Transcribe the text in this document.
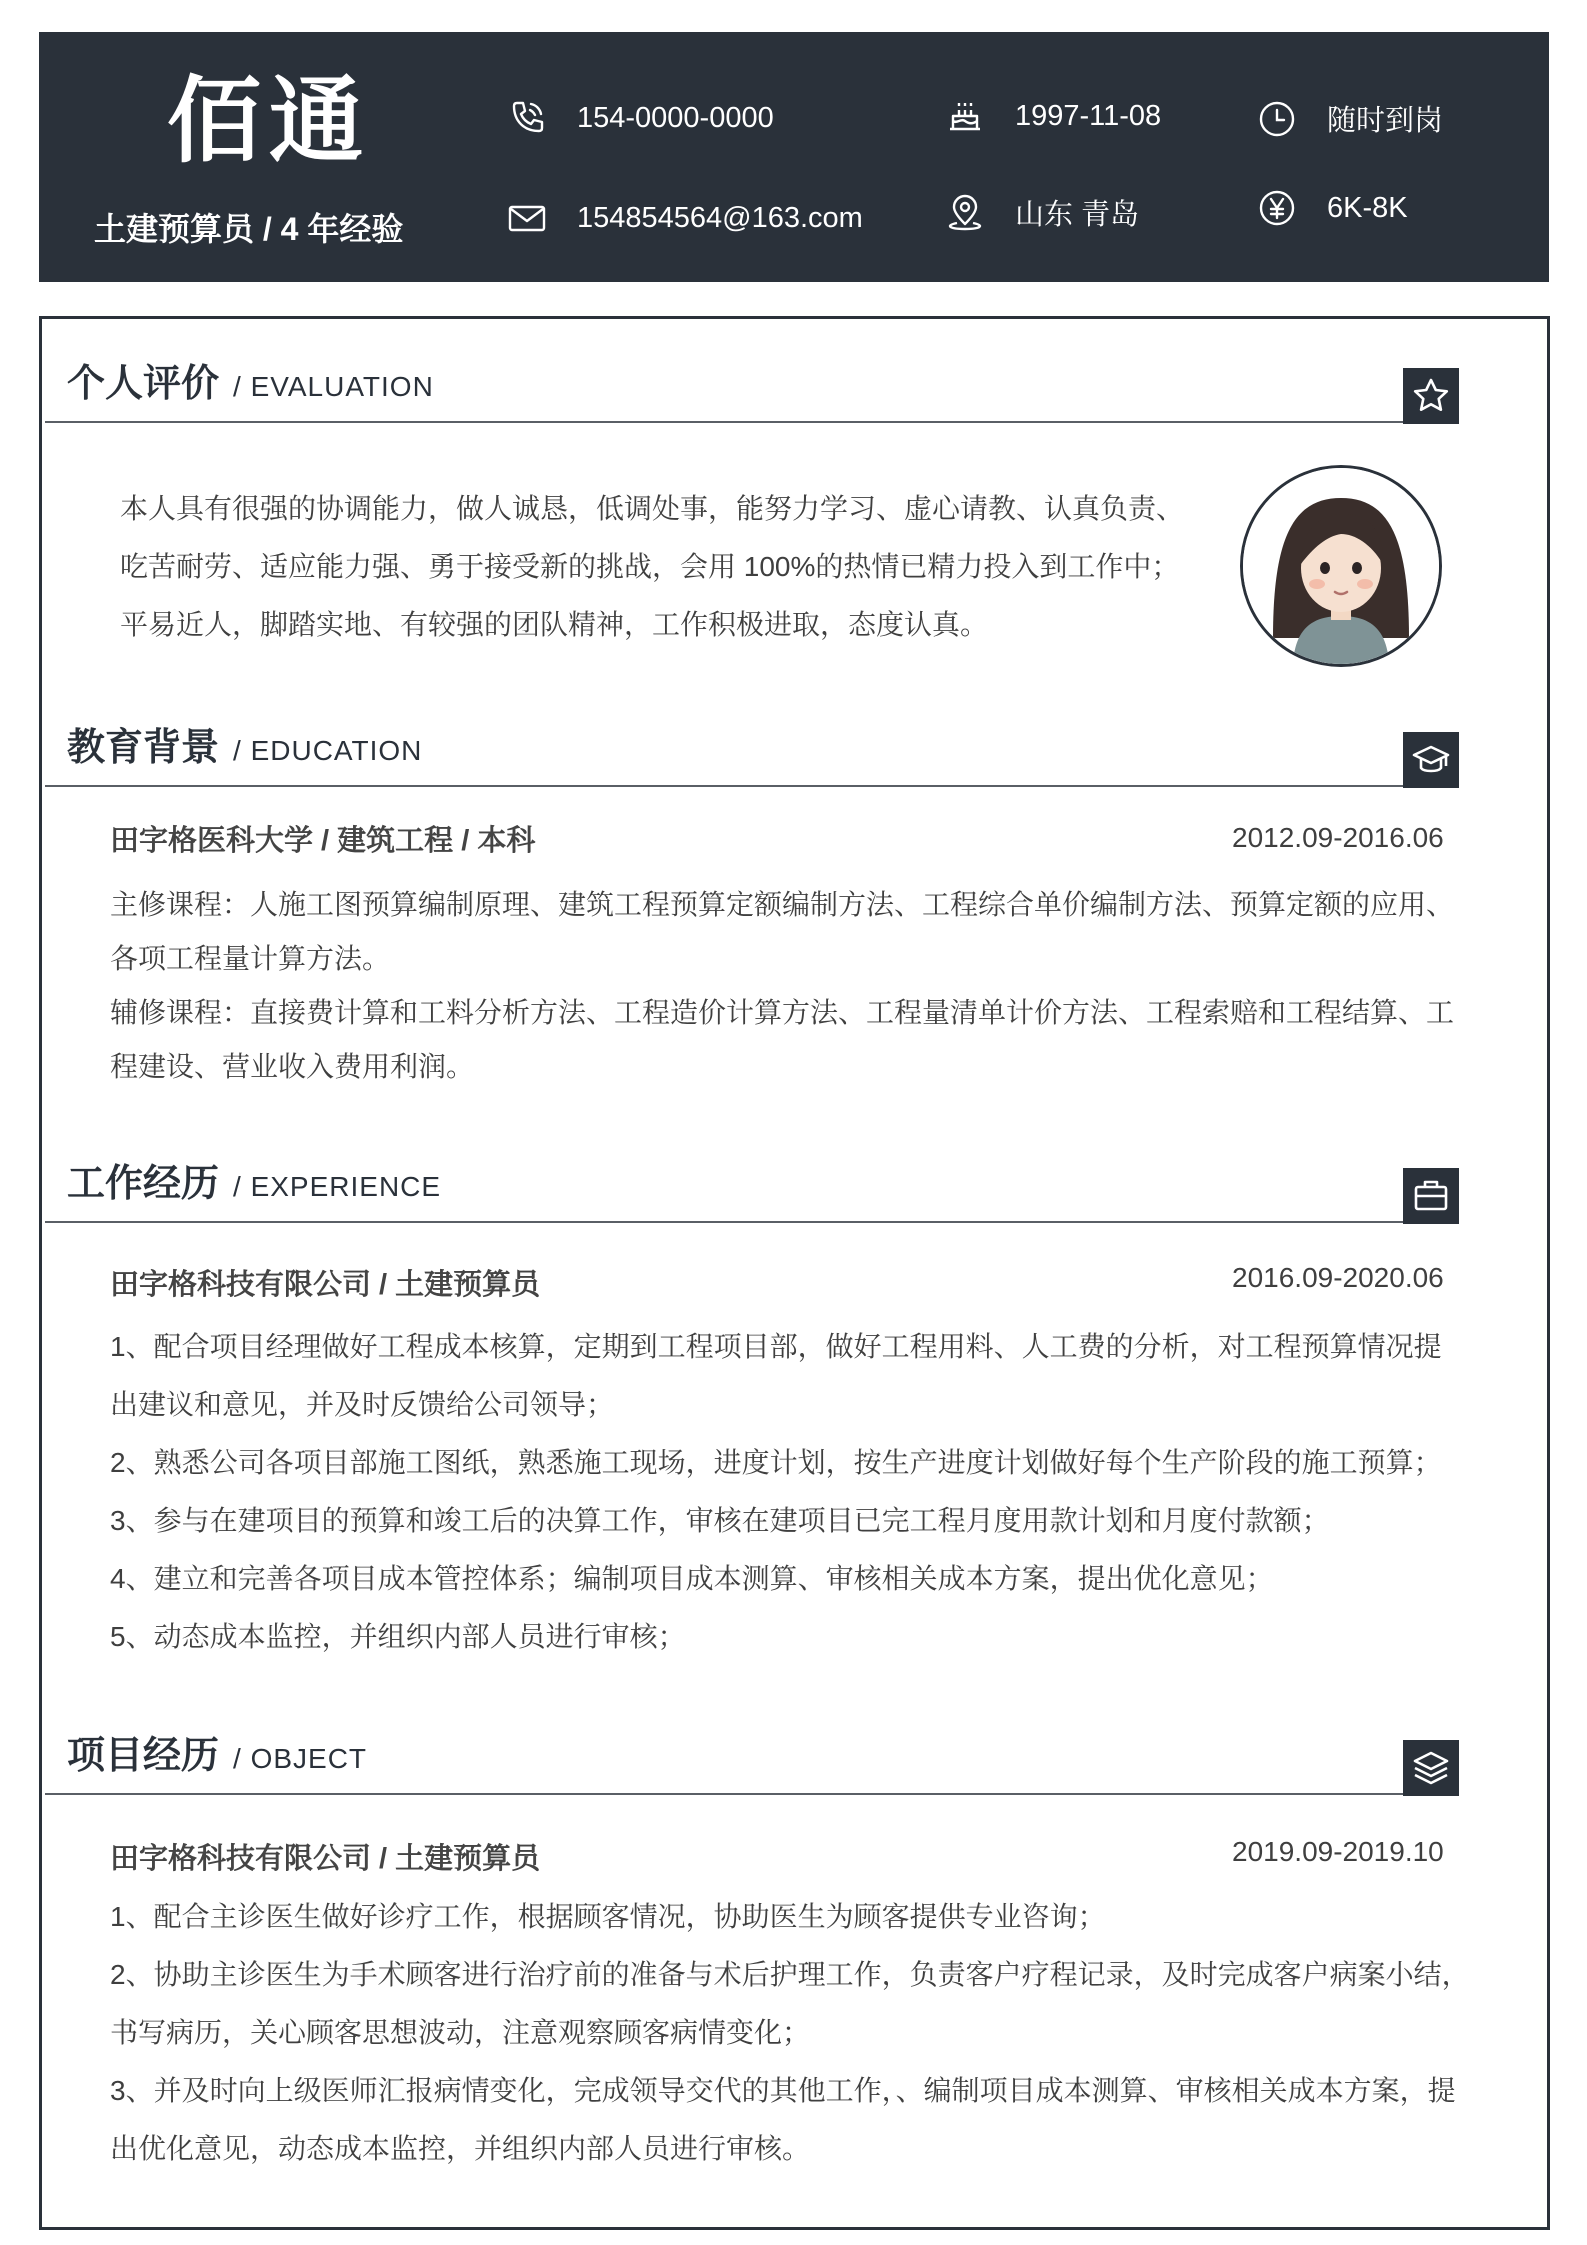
佰通
土建预算员 / 4 年经验
154-0000-0000
154854564@163.com
1997-11-08
山东 青岛
随时到岗
6K-8K
个人评价 / EVALUATION
本人具有很强的协调能力，做人诚恳，低调处事，能努力学习、虚心请教、认真负责、
吃苦耐劳、适应能力强、勇于接受新的挑战，会用 100%的热情已精力投入到工作中；
平易近人，脚踏实地、有较强的团队精神，工作积极进取，态度认真。
教育背景 / EDUCATION
田字格医科大学 / 建筑工程 / 本科	2012.09-2016.06
主修课程：人施工图预算编制原理、建筑工程预算定额编制方法、工程综合单价编制方法、预算定额的应用、
各项工程量计算方法。
辅修课程：直接费计算和工料分析方法、工程造价计算方法、工程量清单计价方法、工程索赔和工程结算、工
程建设、营业收入费用利润。
工作经历 / EXPERIENCE
田字格科技有限公司 / 土建预算员	2016.09-2020.06
1、配合项目经理做好工程成本核算，定期到工程项目部，做好工程用料、人工费的分析，对工程预算情况提
出建议和意见，并及时反馈给公司领导；
2、熟悉公司各项目部施工图纸，熟悉施工现场，进度计划，按生产进度计划做好每个生产阶段的施工预算；
3、参与在建项目的预算和竣工后的决算工作，审核在建项目已完工程月度用款计划和月度付款额；
4、建立和完善各项目成本管控体系；编制项目成本测算、审核相关成本方案，提出优化意见；
5、动态成本监控，并组织内部人员进行审核；
项目经历 / OBJECT
田字格科技有限公司 / 土建预算员	2019.09-2019.10
1、配合主诊医生做好诊疗工作，根据顾客情况，协助医生为顾客提供专业咨询；
2、协助主诊医生为手术顾客进行治疗前的准备与术后护理工作，负责客户疗程记录，及时完成客户病案小结，
书写病历，关心顾客思想波动，注意观察顾客病情变化；
3、并及时向上级医师汇报病情变化，完成领导交代的其他工作，、编制项目成本测算、审核相关成本方案，提
出优化意见，动态成本监控，并组织内部人员进行审核。
